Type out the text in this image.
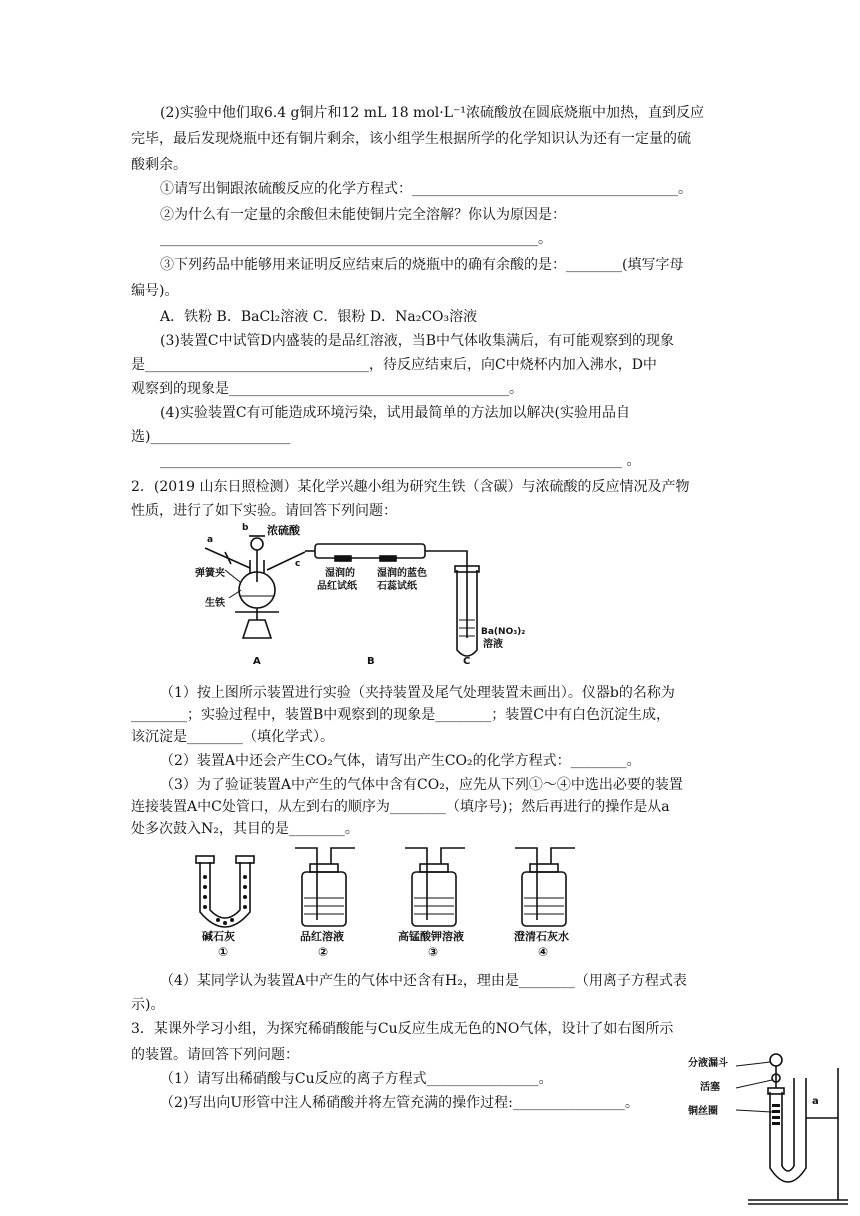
(2)实验中他们取6.4 g铜片和12 mL 18 mol·L⁻¹浓硫酸放在圆底烧瓶中加热，直到反应
完毕，最后发现烧瓶中还有铜片剩余，该小组学生根据所学的化学知识认为还有一定量的硫
酸剩余。
①请写出铜跟浓硫酸反应的化学方程式：______________________________________。
②为什么有一定量的余酸但未能使铜片完全溶解？你认为原因是：
______________________________________________________。
③下列药品中能够用来证明反应结束后的烧瓶中的确有余酸的是：________(填写字母
编号)。
A．铁粉 B．BaCl₂溶液 C．银粉 D．Na₂CO₃溶液
(3)装置C中试管D内盛装的是品红溶液，当B中气体收集满后，有可能观察到的现象
是________________________________，待反应结束后，向C中烧杯内加入沸水，D中
观察到的现象是________________________________________。
(4)实验装置C有可能造成环境污染，试用最简单的方法加以解决(实验用品自
选)____________________
__________________________________________________________________ 。
2．(2019 山东日照检测）某化学兴趣小组为研究生铁（含碳）与浓硫酸的反应情况及产物
性质，进行了如下实验。请回答下列问题：
a
b
c
浓硫酸
弹簧夹
生铁
湿润的
品红试纸
湿润的蓝色
石蕊试纸
Ba(NO₃)₂
溶液
A	B	C
（1）按上图所示装置进行实验（夹持装置及尾气处理装置未画出）。仪器b的名称为
________；实验过程中，装置B中观察到的现象是________；装置C中有白色沉淀生成，
该沉淀是________（填化学式）。
（2）装置A中还会产生CO₂气体，请写出产生CO₂的化学方程式：________。
（3）为了验证装置A中产生的气体中含有CO₂，应先从下列①～④中选出必要的装置
连接装置A中C处管口，从左到右的顺序为________（填序号)；然后再进行的操作是从a
处多次鼓入N₂，其目的是________。
碱石灰
①
品红溶液
②
高锰酸钾溶液
③
澄清石灰水
④
（4）某同学认为装置A中产生的气体中还含有H₂，理由是________（用离子方程式表
示)。
3．某课外学习小组，为探究稀硝酸能与Cu反应生成无色的NO气体，设计了如右图所示
的装置。请回答下列问题：
（1）请写出稀硝酸与Cu反应的离子方程式________________。
（2)写出向U形管中注人稀硝酸并将左管充满的操作过程:________________。
分液漏斗
活塞
铜丝圈
a
